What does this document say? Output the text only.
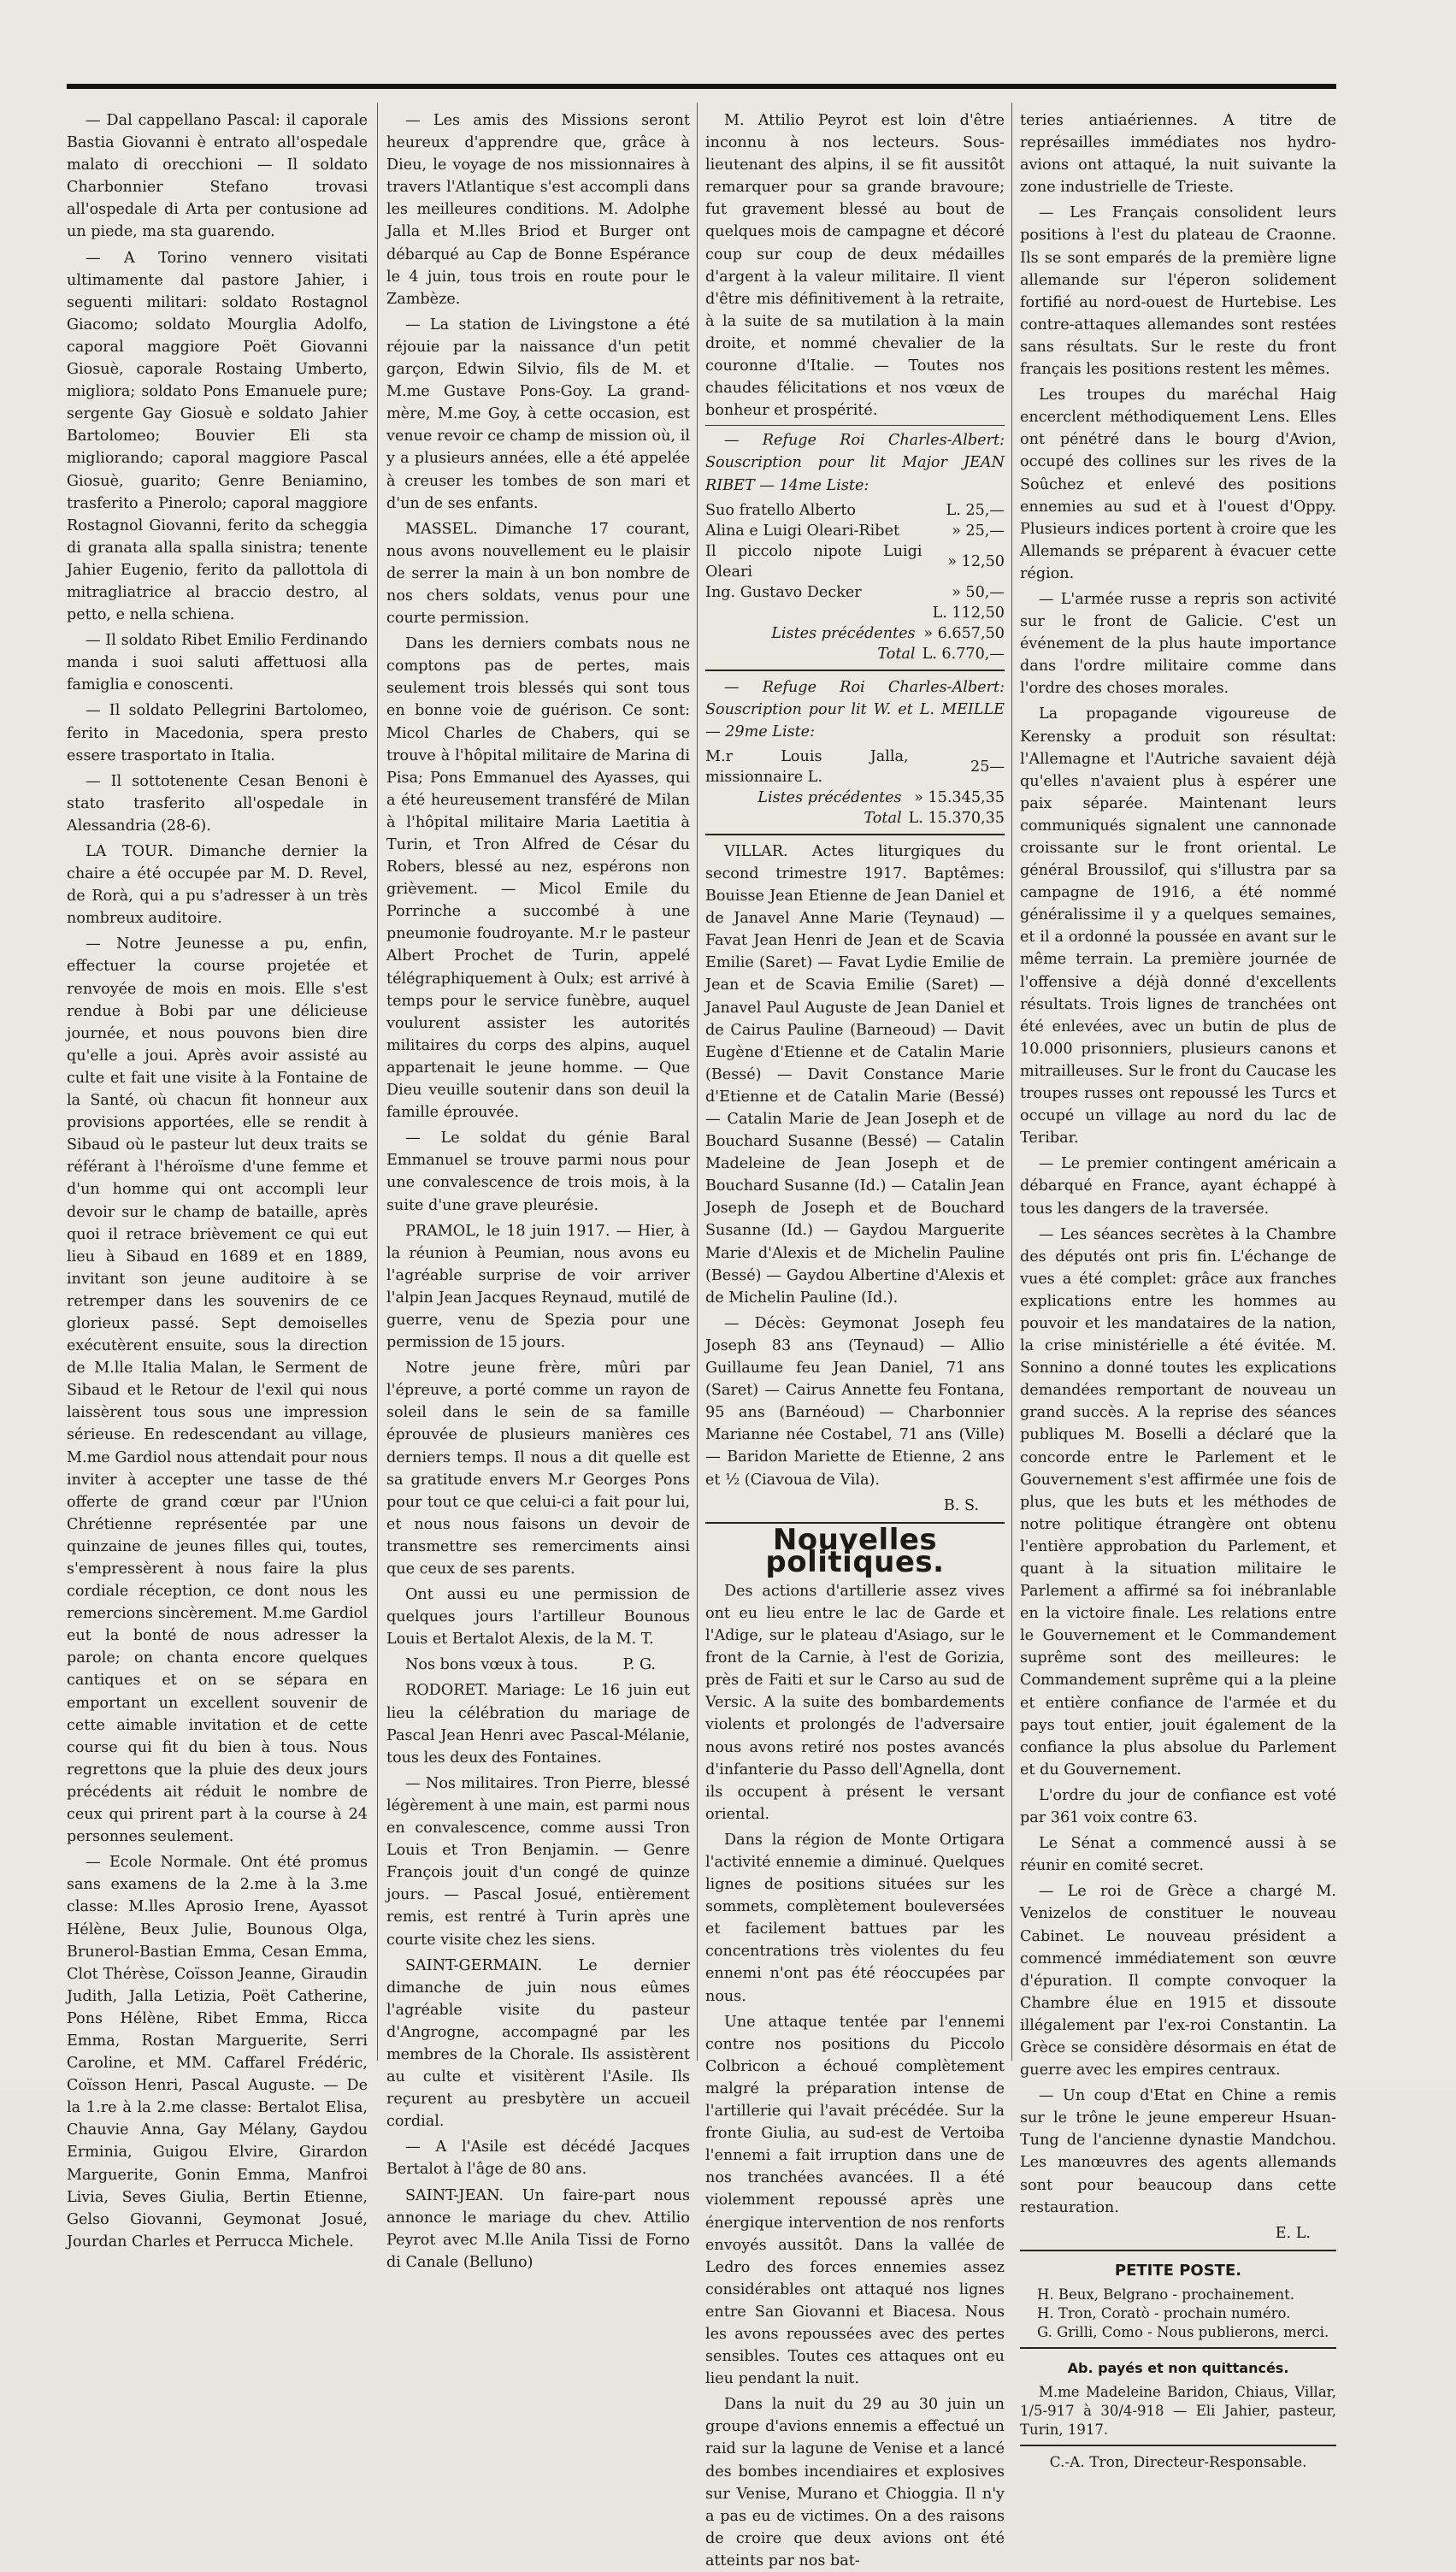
— Dal cappellano Pascal: il caporale Bastia Giovanni è entrato all'ospedale malato di orecchioni — Il soldato Charbonnier Stefano trovasi all'ospedale di Arta per contusione ad un piede, ma sta guarendo.

— A Torino vennero visitati ultimamente dal pastore Jahier, i seguenti militari: soldato Rostagnol Giacomo; soldato Mourglia Adolfo, caporal maggiore Poët Giovanni Giosuè, caporale Rostaing Umberto, migliora; soldato Pons Emanuele pure; sergente Gay Giosuè e soldato Jahier Bartolomeo; Bouvier Eli sta migliorando; caporal maggiore Pascal Giosuè, guarito; Genre Beniamino, trasferito a Pinerolo; caporal maggiore Rostagnol Giovanni, ferito da scheggia di granata alla spalla sinistra; tenente Jahier Eugenio, ferito da pallottola di mitragliatrice al braccio destro, al petto, e nella schiena.

— Il soldato Ribet Emilio Ferdinando manda i suoi saluti affettuosi alla famiglia e conoscenti.

— Il soldato Pellegrini Bartolomeo, ferito in Macedonia, spera presto essere trasportato in Italia.

— Il sottotenente Cesan Benoni è stato trasferito all'ospedale in Alessandria (28-6).

LA TOUR. Dimanche dernier la chaire a été occupée par M. D. Revel, de Rorà, qui a pu s'adresser à un très nombreux auditoire.

— Notre Jeunesse a pu, enfin, effectuer la course projetée et renvoyée de mois en mois. Elle s'est rendue à Bobi par une délicieuse journée, et nous pouvons bien dire qu'elle a joui. Après avoir assisté au culte et fait une visite à la Fontaine de la Santé, où chacun fit honneur aux provisions apportées, elle se rendit à Sibaud où le pasteur lut deux traits se référant à l'héroïsme d'une femme et d'un homme qui ont accompli leur devoir sur le champ de bataille, après quoi il retrace brièvement ce qui eut lieu à Sibaud en 1689 et en 1889, invitant son jeune auditoire à se retremper dans les souvenirs de ce glorieux passé. Sept demoiselles exécutèrent ensuite, sous la direction de M.lle Italia Malan, le Serment de Sibaud et le Retour de l'exil qui nous laissèrent tous sous une impression sérieuse. En redescendant au village, M.me Gardiol nous attendait pour nous inviter à accepter une tasse de thé offerte de grand cœur par l'Union Chrétienne représentée par une quinzaine de jeunes filles qui, toutes, s'empressèrent à nous faire la plus cordiale réception, ce dont nous les remercions sincèrement. M.me Gardiol eut la bonté de nous adresser la parole; on chanta encore quelques cantiques et on se sépara en emportant un excellent souvenir de cette aimable invitation et de cette course qui fit du bien à tous. Nous regrettons que la pluie des deux jours précédents ait réduit le nombre de ceux qui prirent part à la course à 24 personnes seulement.

— Ecole Normale. Ont été promus sans examens de la 2.me à la 3.me classe: M.lles Aprosio Irene, Ayassot Hélène, Beux Julie, Bounous Olga, Brunerol-Bastian Emma, Cesan Emma, Clot Thérèse, Coïsson Jeanne, Giraudin Judith, Jalla Letizia, Poët Catherine, Pons Hélène, Ribet Emma, Ricca Emma, Rostan Marguerite, Serri Caroline, et MM. Caffarel Frédéric, Coïsson Henri, Pascal Auguste. — De la 1.re à la 2.me classe: Bertalot Elisa, Chauvie Anna, Gay Mélany, Gaydou Erminia, Guigou Elvire, Girardon Marguerite, Gonin Emma, Manfroi Livia, Seves Giulia, Bertin Etienne, Gelso Giovanni, Geymonat Josué, Jourdan Charles et Perrucca Michele.

— Les amis des Missions seront heureux d'apprendre que, grâce à Dieu, le voyage de nos missionnaires à travers l'Atlantique s'est accompli dans les meilleures conditions. M. Adolphe Jalla et M.lles Briod et Burger ont débarqué au Cap de Bonne Espérance le 4 juin, tous trois en route pour le Zambèze.

— La station de Livingstone a été réjouie par la naissance d'un petit garçon, Edwin Silvio, fils de M. et M.me Gustave Pons-Goy. La grand-mère, M.me Goy, à cette occasion, est venue revoir ce champ de mission où, il y a plusieurs années, elle a été appelée à creuser les tombes de son mari et d'un de ses enfants.

MASSEL. Dimanche 17 courant, nous avons nouvellement eu le plaisir de serrer la main à un bon nombre de nos chers soldats, venus pour une courte permission.

Dans les derniers combats nous ne comptons pas de pertes, mais seulement trois blessés qui sont tous en bonne voie de guérison. Ce sont: Micol Charles de Chabers, qui se trouve à l'hôpital militaire de Marina di Pisa; Pons Emmanuel des Ayasses, qui a été heureusement transféré de Milan à l'hôpital militaire Maria Laetitia à Turin, et Tron Alfred de César du Robers, blessé au nez, espérons non grièvement. — Micol Emile du Porrinche a succombé à une pneumonie foudroyante. M.r le pasteur Albert Prochet de Turin, appelé télégraphiquement à Oulx; est arrivé à temps pour le service funèbre, auquel voulurent assister les autorités militaires du corps des alpins, auquel appartenait le jeune homme. — Que Dieu veuille soutenir dans son deuil la famille éprouvée.

— Le soldat du génie Baral Emmanuel se trouve parmi nous pour une convalescence de trois mois, à la suite d'une grave pleurésie.

PRAMOL, le 18 juin 1917. — Hier, à la réunion à Peumian, nous avons eu l'agréable surprise de voir arriver l'alpin Jean Jacques Reynaud, mutilé de guerre, venu de Spezia pour une permission de 15 jours.

Notre jeune frère, mûri par l'épreuve, a porté comme un rayon de soleil dans le sein de sa famille éprouvée de plusieurs manières ces derniers temps. Il nous a dit quelle est sa gratitude envers M.r Georges Pons pour tout ce que celui-ci a fait pour lui, et nous nous faisons un devoir de transmettre ses remerciments ainsi que ceux de ses parents.

Ont aussi eu une permission de quelques jours l'artilleur Bounous Louis et Bertalot Alexis, de la M. T.

Nos bons vœux à tous.	P. G.

RODORET. Mariage: Le 16 juin eut lieu la célébration du mariage de Pascal Jean Henri avec Pascal-Mélanie, tous les deux des Fontaines.

— Nos militaires. Tron Pierre, blessé légèrement à une main, est parmi nous en convalescence, comme aussi Tron Louis et Tron Benjamin. — Genre François jouit d'un congé de quinze jours. — Pascal Josué, entièrement remis, est rentré à Turin après une courte visite chez les siens.

SAINT-GERMAIN. Le dernier dimanche de juin nous eûmes l'agréable visite du pasteur d'Angrogne, accompagné par les membres de la Chorale. Ils assistèrent au culte et visitèrent l'Asile. Ils reçurent au presbytère un accueil cordial.

— A l'Asile est décédé Jacques Bertalot à l'âge de 80 ans.

SAINT-JEAN. Un faire-part nous annonce le mariage du chev. Attilio Peyrot avec M.lle Anila Tissi de Forno di Canale (Belluno)

M. Attilio Peyrot est loin d'être inconnu à nos lecteurs. Sous-lieutenant des alpins, il se fit aussitôt remarquer pour sa grande bravoure; fut gravement blessé au bout de quelques mois de campagne et décoré coup sur coup de deux médailles d'argent à la valeur militaire. Il vient d'être mis définitivement à la retraite, à la suite de sa mutilation à la main droite, et nommé chevalier de la couronne d'Italie. — Toutes nos chaudes félicitations et nos vœux de bonheur et prospérité.

— Refuge Roi Charles-Albert: Souscription pour lit Major JEAN RIBET — 14me Liste:

Suo fratello Alberto	L. 25,—
Alina e Luigi Oleari-Ribet	» 25,—
Il piccolo nipote Luigi Oleari	» 12,50
Ing. Gustavo Decker	» 50,—
	L. 112,50
Listes précédentes	» 6.657,50
Total	L. 6.770,—

— Refuge Roi Charles-Albert: Souscription pour lit W. et L. MEILLE — 29me Liste:

M.r Louis Jalla, missionnaire L.	25—
Listes précédentes	» 15.345,35
Total	L. 15.370,35

VILLAR. Actes liturgiques du second trimestre 1917. Baptêmes: Bouisse Jean Etienne de Jean Daniel et de Janavel Anne Marie (Teynaud) — Favat Jean Henri de Jean et de Scavia Emilie (Saret) — Favat Lydie Emilie de Jean et de Scavia Emilie (Saret) — Janavel Paul Auguste de Jean Daniel et de Cairus Pauline (Barneoud) — Davit Eugène d'Etienne et de Catalin Marie (Bessé) — Davit Constance Marie d'Etienne et de Catalin Marie (Bessé) — Catalin Marie de Jean Joseph et de Bouchard Susanne (Bessé) — Catalin Madeleine de Jean Joseph et de Bouchard Susanne (Id.) — Catalin Jean Joseph de Joseph et de Bouchard Susanne (Id.) — Gaydou Marguerite Marie d'Alexis et de Michelin Pauline (Bessé) — Gaydou Albertine d'Alexis et de Michelin Pauline (Id.).

— Décès: Geymonat Joseph feu Joseph 83 ans (Teynaud) — Allio Guillaume feu Jean Daniel, 71 ans (Saret) — Cairus Annette feu Fontana, 95 ans (Barnéoud) — Charbonnier Marianne née Costabel, 71 ans (Ville) — Baridon Mariette de Etienne, 2 ans et ½ (Ciavoua de Vila).

B. S.

Nouvelles politiques.

Des actions d'artillerie assez vives ont eu lieu entre le lac de Garde et l'Adige, sur le plateau d'Asiago, sur le front de la Carnie, à l'est de Gorizia, près de Faiti et sur le Carso au sud de Versic. A la suite des bombardements violents et prolongés de l'adversaire nous avons retiré nos postes avancés d'infanterie du Passo dell'Agnella, dont ils occupent à présent le versant oriental.

Dans la région de Monte Ortigara l'activité ennemie a diminué. Quelques lignes de positions situées sur les sommets, complètement bouleversées et facilement battues par les concentrations très violentes du feu ennemi n'ont pas été réoccupées par nous.

Une attaque tentée par l'ennemi contre nos positions du Piccolo Colbricon a échoué complètement malgré la préparation intense de l'artillerie qui l'avait précédée. Sur la fronte Giulia, au sud-est de Vertoiba l'ennemi a fait irruption dans une de nos tranchées avancées. Il a été violemment repoussé après une énergique intervention de nos renforts envoyés aussitôt. Dans la vallée de Ledro des forces ennemies assez considérables ont attaqué nos lignes entre San Giovanni et Biacesa. Nous les avons repoussées avec des pertes sensibles. Toutes ces attaques ont eu lieu pendant la nuit.

Dans la nuit du 29 au 30 juin un groupe d'avions ennemis a effectué un raid sur la lagune de Venise et a lancé des bombes incendiaires et explosives sur Venise, Murano et Chioggia. Il n'y a pas eu de victimes. On a des raisons de croire que deux avions ont été atteints par nos bat-

teries antiaériennes. A titre de représailles immédiates nos hydro-avions ont attaqué, la nuit suivante la zone industrielle de Trieste.

— Les Français consolident leurs positions à l'est du plateau de Craonne. Ils se sont emparés de la première ligne allemande sur l'éperon solidement fortifié au nord-ouest de Hurtebise. Les contre-attaques allemandes sont restées sans résultats. Sur le reste du front français les positions restent les mêmes.

Les troupes du maréchal Haig encerclent méthodiquement Lens. Elles ont pénétré dans le bourg d'Avion, occupé des collines sur les rives de la Soûchez et enlevé des positions ennemies au sud et à l'ouest d'Oppy. Plusieurs indices portent à croire que les Allemands se préparent à évacuer cette région.

— L'armée russe a repris son activité sur le front de Galicie. C'est un événement de la plus haute importance dans l'ordre militaire comme dans l'ordre des choses morales.

La propagande vigoureuse de Kerensky a produit son résultat: l'Allemagne et l'Autriche savaient déjà qu'elles n'avaient plus à espérer une paix séparée. Maintenant leurs communiqués signalent une cannonade croissante sur le front oriental. Le général Broussilof, qui s'illustra par sa campagne de 1916, a été nommé généralissime il y a quelques semaines, et il a ordonné la poussée en avant sur le même terrain. La première journée de l'offensive a déjà donné d'excellents résultats. Trois lignes de tranchées ont été enlevées, avec un butin de plus de 10.000 prisonniers, plusieurs canons et mitrailleuses. Sur le front du Caucase les troupes russes ont repoussé les Turcs et occupé un village au nord du lac de Teribar.

— Le premier contingent américain a débarqué en France, ayant échappé à tous les dangers de la traversée.

— Les séances secrètes à la Chambre des députés ont pris fin. L'échange de vues a été complet: grâce aux franches explications entre les hommes au pouvoir et les mandataires de la nation, la crise ministérielle a été évitée. M. Sonnino a donné toutes les explications demandées remportant de nouveau un grand succès. A la reprise des séances publiques M. Boselli a déclaré que la concorde entre le Parlement et le Gouvernement s'est affirmée une fois de plus, que les buts et les méthodes de notre politique étrangère ont obtenu l'entière approbation du Parlement, et quant à la situation militaire le Parlement a affirmé sa foi inébranlable en la victoire finale. Les relations entre le Gouvernement et le Commandement suprême sont des meilleures: le Commandement suprême qui a la pleine et entière confiance de l'armée et du pays tout entier, jouit également de la confiance la plus absolue du Parlement et du Gouvernement.

L'ordre du jour de confiance est voté par 361 voix contre 63.

Le Sénat a commencé aussi à se réunir en comité secret.

— Le roi de Grèce a chargé M. Venizelos de constituer le nouveau Cabinet. Le nouveau président a commencé immédiatement son œuvre d'épuration. Il compte convoquer la Chambre élue en 1915 et dissoute illégalement par l'ex-roi Constantin. La Grèce se considère désormais en état de guerre avec les empires centraux.

— Un coup d'Etat en Chine a remis sur le trône le jeune empereur Hsuan-Tung de l'ancienne dynastie Mandchou. Les manœuvres des agents allemands sont pour beaucoup dans cette restauration.

E. L.

PETITE POSTE.
H. Beux, Belgrano - prochainement.
H. Tron, Coratò - prochain numéro.
G. Grilli, Como - Nous publierons, merci.
Ab. payés et non quittancés.

M.me Madeleine Baridon, Chiaus, Villar, 1/5-917 à 30/4-918 — Eli Jahier, pasteur, Turin, 1917.

C.-A. Tron, Directeur-Responsable.
